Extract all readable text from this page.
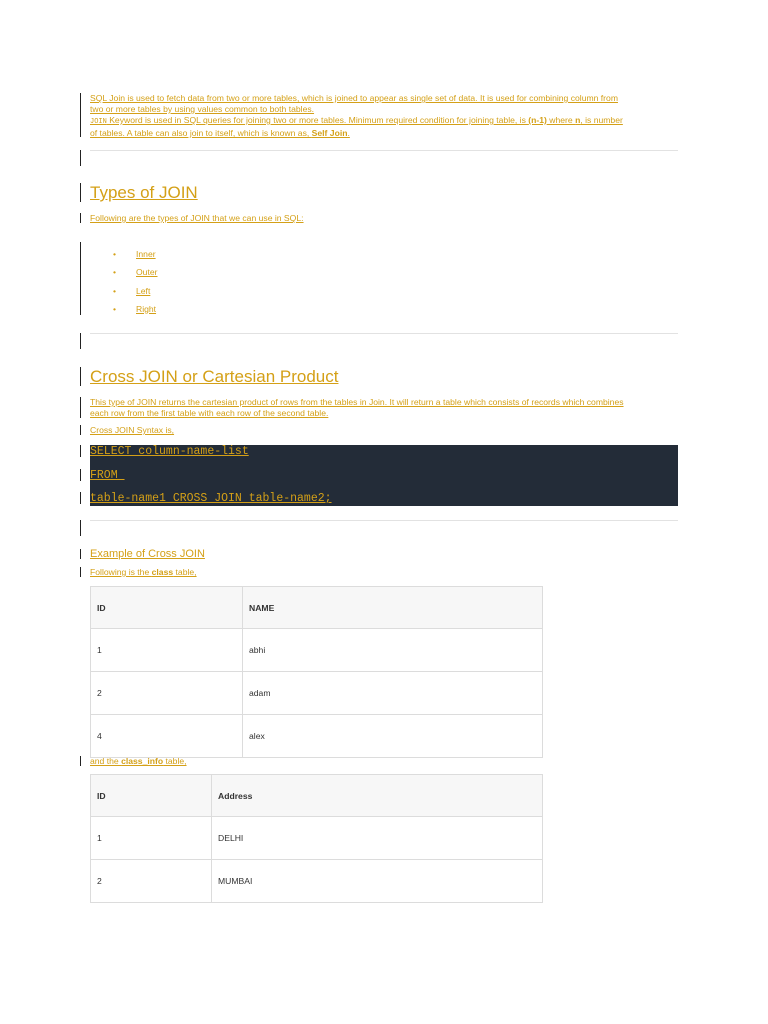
SQL Join is used to fetch data from two or more tables, which is joined to appear as single set of data. It is used for combining column from
two or more tables by using values common to both tables.
JOIN Keyword is used in SQL queries for joining two or more tables. Minimum required condition for joining table, is (n-1) where n, is number
of tables. A table can also join to itself, which is known as, Self Join.
Types of JOIN
Following are the types of JOIN that we can use in SQL:
• Inner
• Outer
• Left
• Right
Cross JOIN or Cartesian Product
This type of JOIN returns the cartesian product of rows from the tables in Join. It will return a table which consists of records which combines
each row from the first table with each row of the second table.
Cross JOIN Syntax is,
SELECT column-name-list
FROM
table-name1 CROSS JOIN table-name2;
Example of Cross JOIN
Following is the class table,
ID	NAME
1	abhi
2	adam
4	alex
and the class_info table,
ID	Address
1	DELHI
2	MUMBAI
